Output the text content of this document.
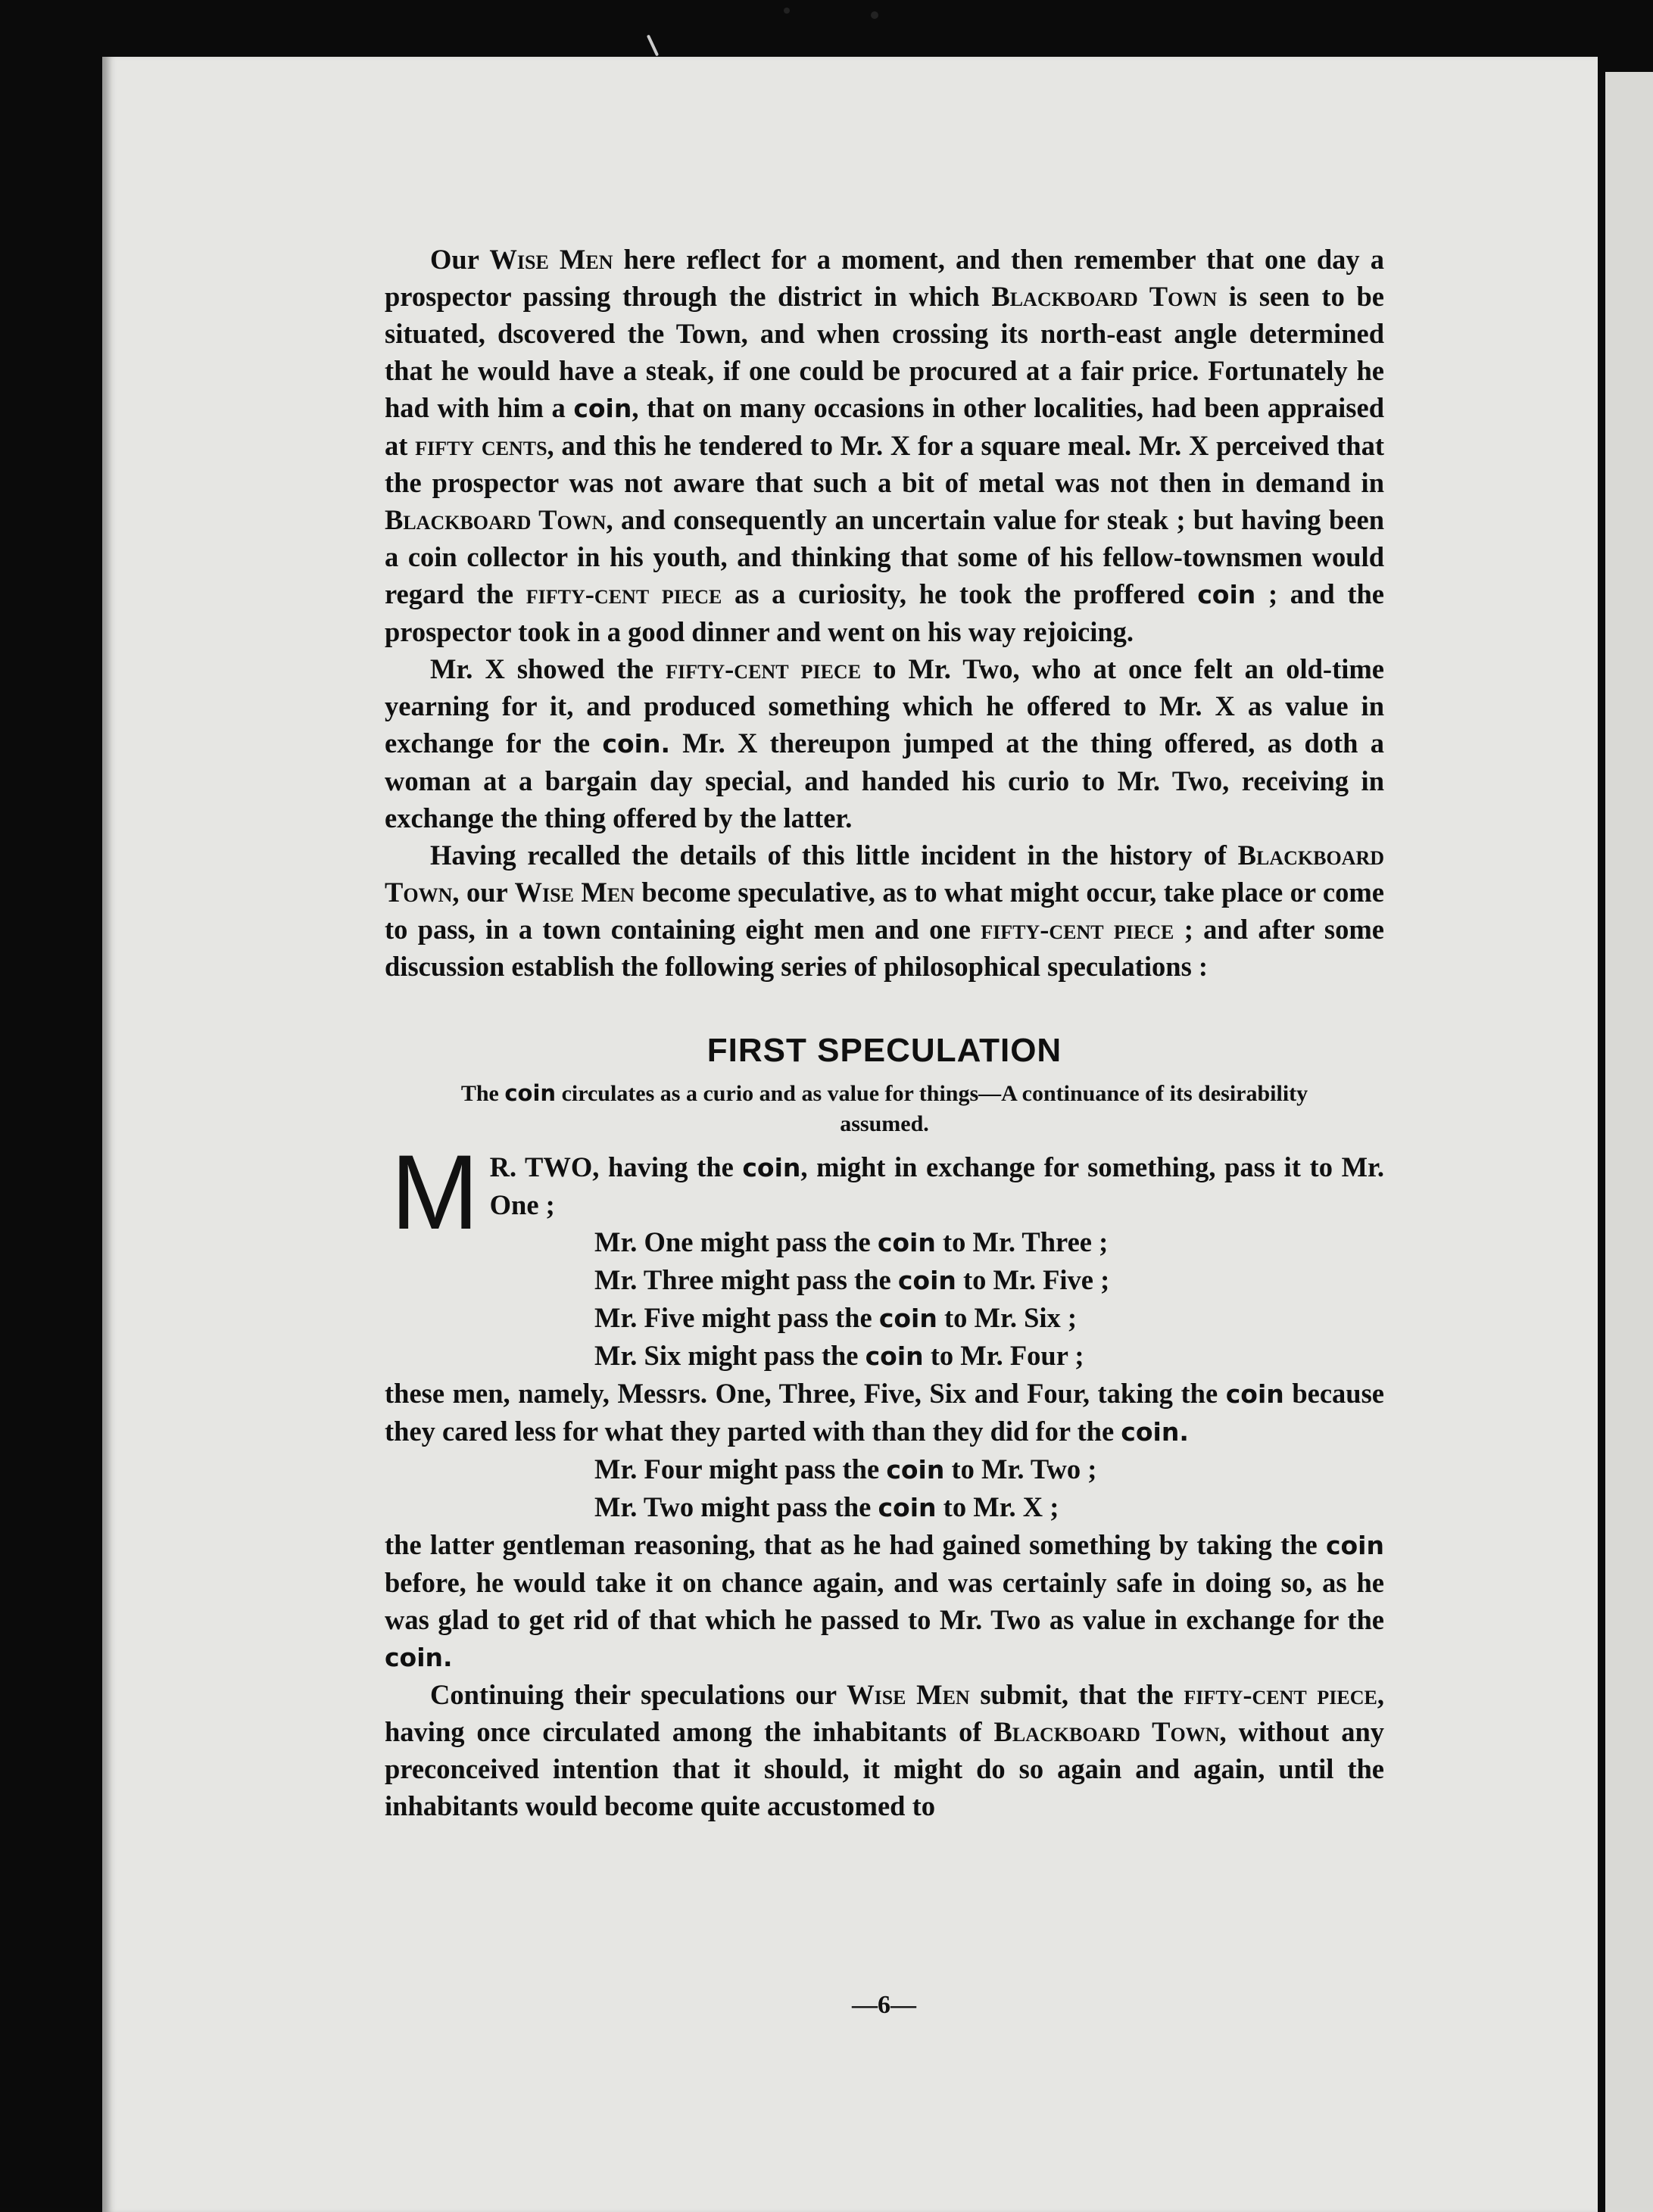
Our Wise Men here reflect for a moment, and then remember that one day a prospector passing through the district in which Blackboard Town is seen to be situated, dscovered the Town, and when crossing its north-east angle determined that he would have a steak, if one could be procured at a fair price. Fortunately he had with him a coin, that on many occasions in other localities, had been appraised at fifty cents, and this he tendered to Mr. X for a square meal. Mr. X perceived that the prospector was not aware that such a bit of metal was not then in demand in Blackboard Town, and consequently an uncertain value for steak ; but having been a coin collector in his youth, and thinking that some of his fellow-townsmen would regard the fifty-cent piece as a curiosity, he took the proffered coin ; and the prospector took in a good dinner and went on his way rejoicing.

Mr. X showed the fifty-cent piece to Mr. Two, who at once felt an old-time yearning for it, and produced something which he offered to Mr. X as value in exchange for the coin. Mr. X thereupon jumped at the thing offered, as doth a woman at a bargain day special, and handed his curio to Mr. Two, receiving in exchange the thing offered by the latter.

Having recalled the details of this little incident in the history of Blackboard Town, our Wise Men become speculative, as to what might occur, take place or come to pass, in a town containing eight men and one fifty-cent piece ; and after some discussion establish the following series of philosophical speculations :

FIRST SPECULATION
The coin circulates as a curio and as value for things—A continuance of its desirability assumed.

M R. TWO, having the coin, might in exchange for something, pass it to Mr. One ;

Mr. One might pass the coin to Mr. Three ;

Mr. Three might pass the coin to Mr. Five ;

Mr. Five might pass the coin to Mr. Six ;

Mr. Six might pass the coin to Mr. Four ;

these men, namely, Messrs. One, Three, Five, Six and Four, taking the coin because they cared less for what they parted with than they did for the coin.

Mr. Four might pass the coin to Mr. Two ;

Mr. Two might pass the coin to Mr. X ;

the latter gentleman reasoning, that as he had gained something by taking the coin before, he would take it on chance again, and was certainly safe in doing so, as he was glad to get rid of that which he passed to Mr. Two as value in exchange for the coin.

Continuing their speculations our Wise Men submit, that the fifty-cent piece, having once circulated among the inhabitants of Blackboard Town, without any preconceived intention that it should, it might do so again and again, until the inhabitants would become quite accustomed to

—6—
